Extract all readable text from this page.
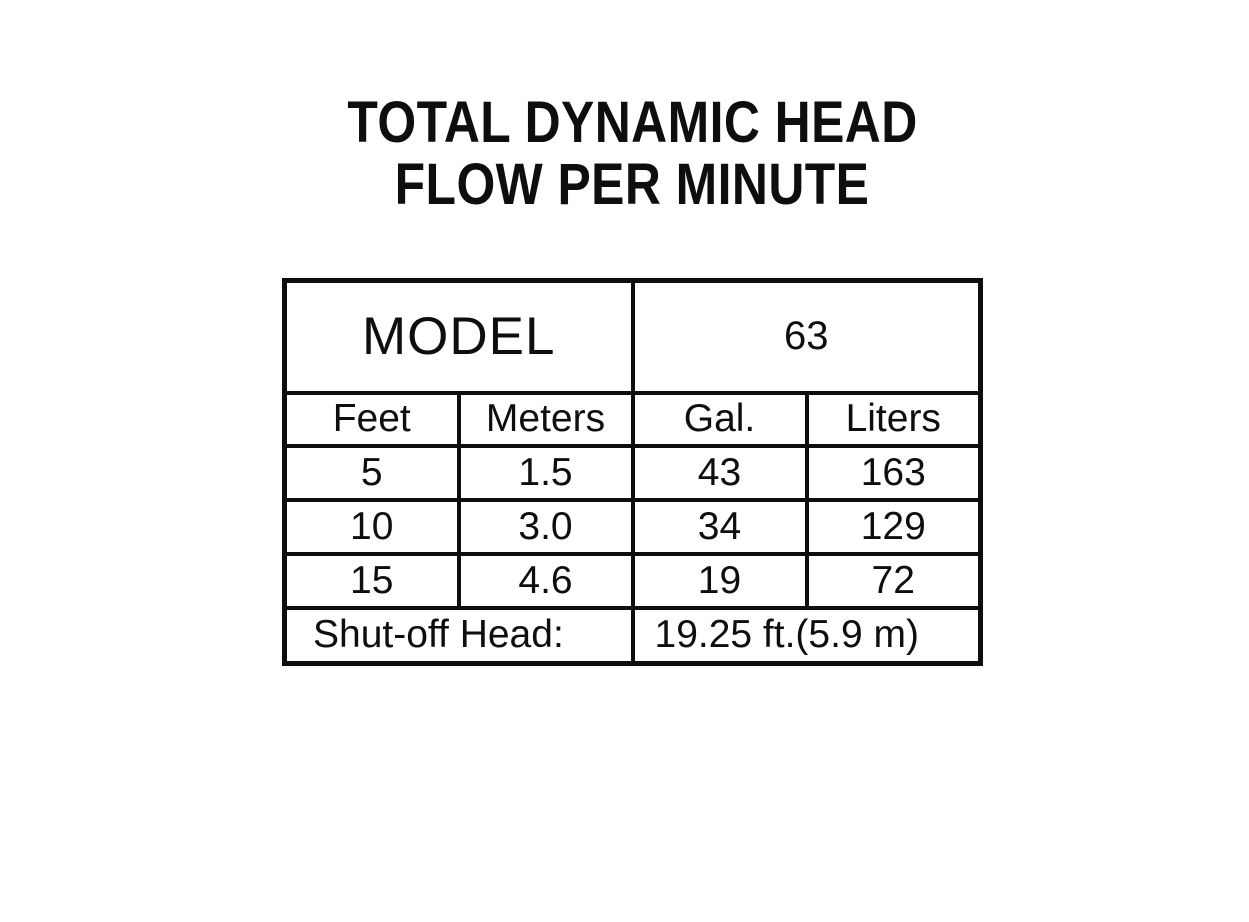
TOTAL DYNAMIC HEAD
FLOW PER MINUTE
MODEL		63	
Feet	Meters	Gal.	Liters
5	1.5	43	163
10	3.0	34	129
15	4.6	19	72
Shut-off Head:		19.25 ft.(5.9 m)	
